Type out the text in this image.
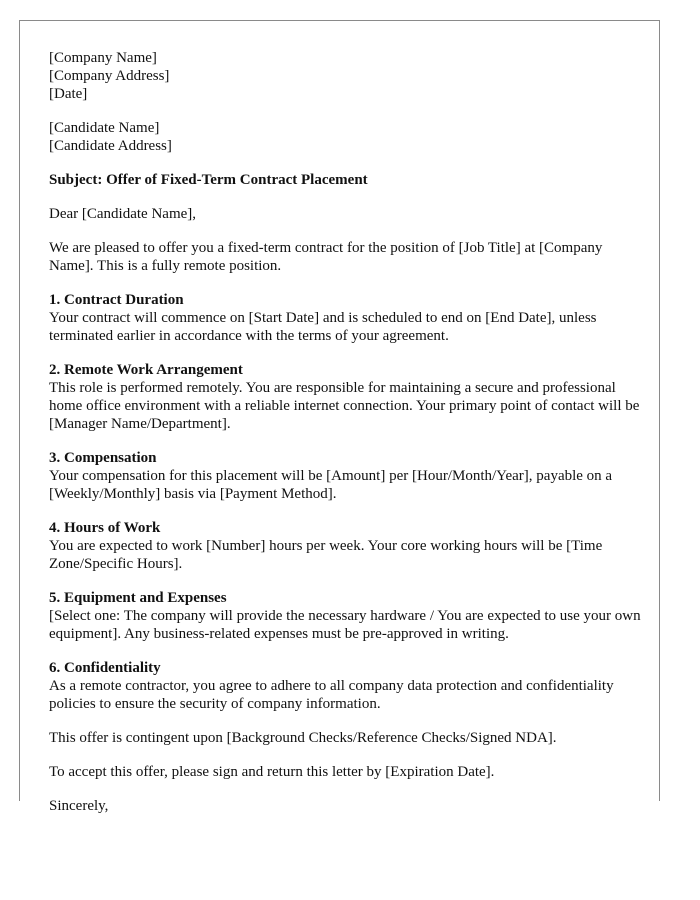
[Company Name]
[Company Address]
[Date]
[Candidate Name]
[Candidate Address]
Subject: Offer of Fixed-Term Contract Placement
Dear [Candidate Name],
We are pleased to offer you a fixed-term contract for the position of [Job Title] at [Company Name]. This is a fully remote position.
1. Contract Duration
Your contract will commence on [Start Date] and is scheduled to end on [End Date], unless terminated earlier in accordance with the terms of your agreement.
2. Remote Work Arrangement
This role is performed remotely. You are responsible for maintaining a secure and professional home office environment with a reliable internet connection. Your primary point of contact will be [Manager Name/Department].
3. Compensation
Your compensation for this placement will be [Amount] per [Hour/Month/Year], payable on a [Weekly/Monthly] basis via [Payment Method].
4. Hours of Work
You are expected to work [Number] hours per week. Your core working hours will be [Time Zone/Specific Hours].
5. Equipment and Expenses
[Select one: The company will provide the necessary hardware / You are expected to use your own equipment]. Any business-related expenses must be pre-approved in writing.
6. Confidentiality
As a remote contractor, you agree to adhere to all company data protection and confidentiality policies to ensure the security of company information.
This offer is contingent upon [Background Checks/Reference Checks/Signed NDA].
To accept this offer, please sign and return this letter by [Expiration Date].
Sincerely,
